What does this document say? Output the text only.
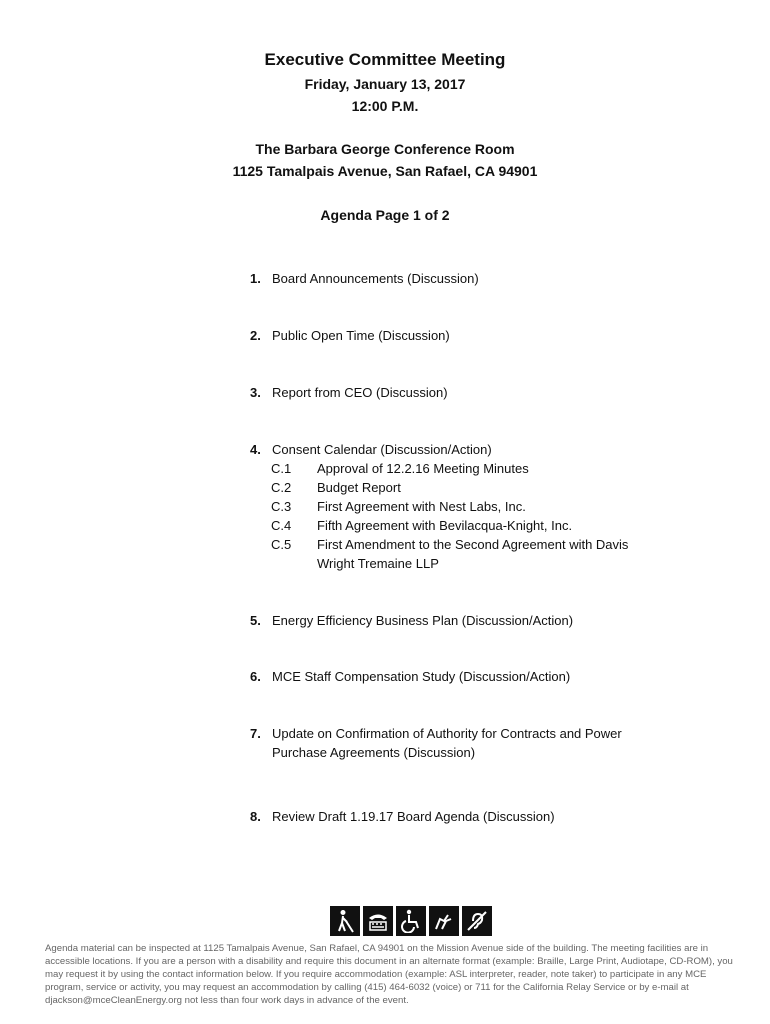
Executive Committee Meeting
Friday, January 13, 2017
12:00 P.M.
The Barbara George Conference Room
1125 Tamalpais Avenue, San Rafael, CA 94901
Agenda Page 1 of 2
1. Board Announcements (Discussion)
2. Public Open Time (Discussion)
3. Report from CEO (Discussion)
4. Consent Calendar (Discussion/Action)
C.1 Approval of 12.2.16 Meeting Minutes
C.2 Budget Report
C.3 First Agreement with Nest Labs, Inc.
C.4 Fifth Agreement with Bevilacqua-Knight, Inc.
C.5 First Amendment to the Second Agreement with Davis
Wright Tremaine LLP
5. Energy Efficiency Business Plan (Discussion/Action)
6. MCE Staff Compensation Study (Discussion/Action)
7. Update on Confirmation of Authority for Contracts and Power
Purchase Agreements (Discussion)
8. Review Draft 1.19.17 Board Agenda (Discussion)
Agenda material can be inspected at 1125 Tamalpais Avenue, San Rafael, CA 94901 on the Mission Avenue side of the building. The meeting facilities are in accessible locations. If you are a person with a disability and require this document in an alternate format (example: Braille, Large Print, Audiotape, CD-ROM), you may request it by using the contact information below. If you require accommodation (example: ASL interpreter, reader, note taker) to participate in any MCE program, service or activity, you may request an accommodation by calling (415) 464-6032 (voice) or 711 for the California Relay Service or by e-mail at djackson@mceCleanEnergy.org not less than four work days in advance of the event.
